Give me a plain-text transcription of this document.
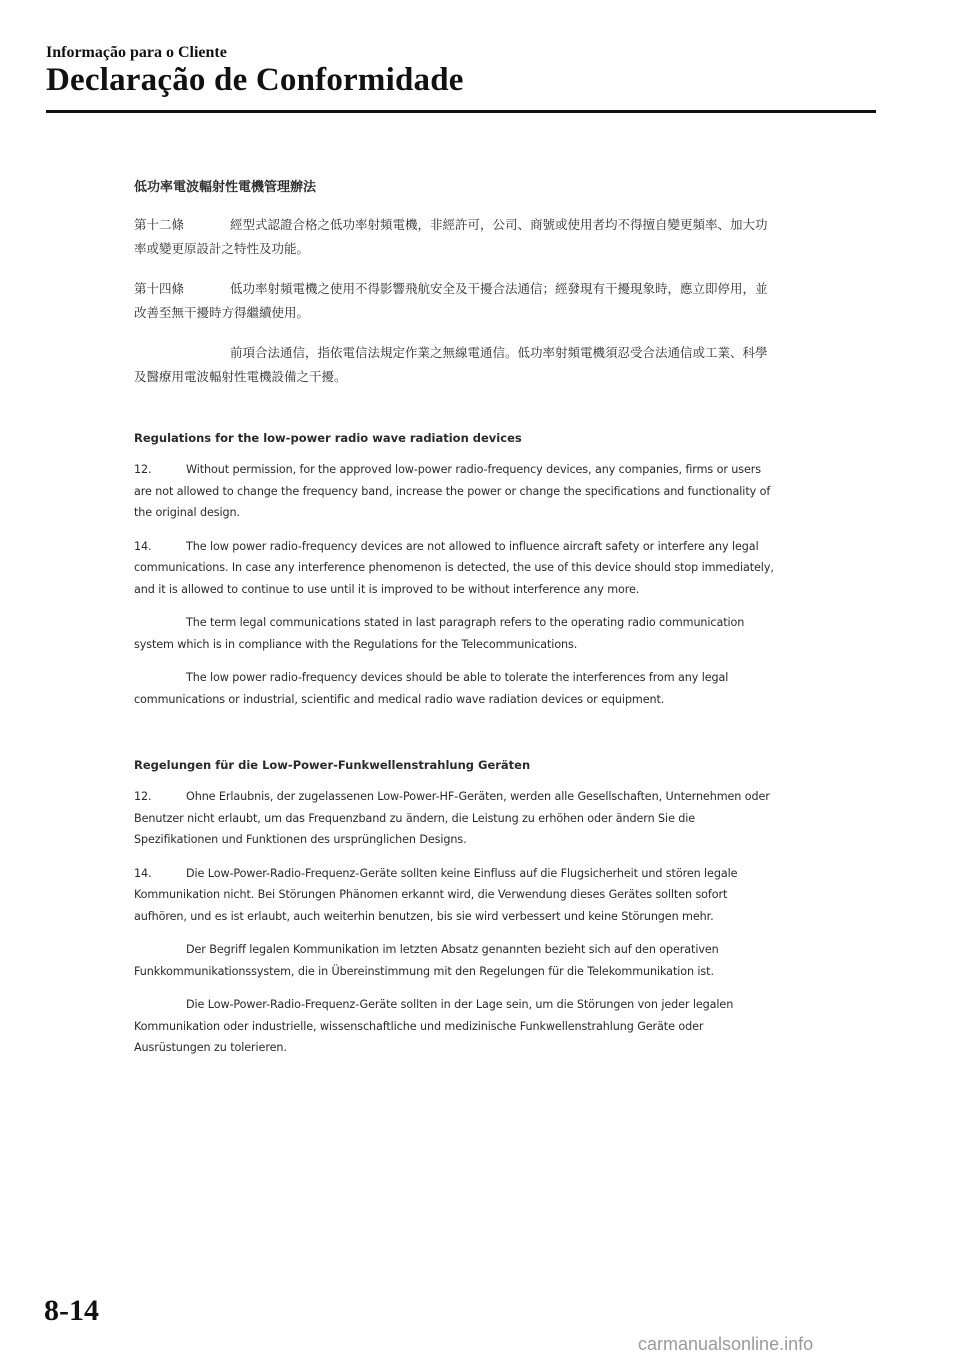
Informação para o Cliente
Declaração de Conformidade
低功率電波輻射性電機管理辦法
第十二條	經型式認證合格之低功率射頻電機，非經許可，公司、商號或使用者均不得擅自變更頻率、加大功率或變更原設計之特性及功能。
第十四條	低功率射頻電機之使用不得影響飛航安全及干擾合法通信；經發現有干擾現象時，應立即停用，並改善至無干擾時方得繼續使用。
前項合法通信，指依電信法規定作業之無線電通信。低功率射頻電機須忍受合法通信或工業、科學及醫療用電波輻射性電機設備之干擾。
Regulations for the low-power radio wave radiation devices
12.	Without permission, for the approved low-power radio-frequency devices, any companies, firms or users are not allowed to change the frequency band, increase the power or change the specifications and functionality of the original design.
14.	The low power radio-frequency devices are not allowed to influence aircraft safety or interfere any legal communications. In case any interference phenomenon is detected, the use of this device should stop immediately, and it is allowed to continue to use until it is improved to be without interference any more.
The term legal communications stated in last paragraph refers to the operating radio communication system which is in compliance with the Regulations for the Telecommunications.
The low power radio-frequency devices should be able to tolerate the interferences from any legal communications or industrial, scientific and medical radio wave radiation devices or equipment.
Regelungen für die Low-Power-Funkwellenstrahlung Geräten
12.	Ohne Erlaubnis, der zugelassenen Low-Power-HF-Geräten, werden alle Gesellschaften, Unternehmen oder Benutzer nicht erlaubt, um das Frequenzband zu ändern, die Leistung zu erhöhen oder ändern Sie die Spezifikationen und Funktionen des ursprünglichen Designs.
14.	Die Low-Power-Radio-Frequenz-Geräte sollten keine Einfluss auf die Flugsicherheit und stören legale Kommunikation nicht. Bei Störungen Phänomen erkannt wird, die Verwendung dieses Gerätes sollten sofort aufhören, und es ist erlaubt, auch weiterhin benutzen, bis sie wird verbessert und keine Störungen mehr.
Der Begriff legalen Kommunikation im letzten Absatz genannten bezieht sich auf den operativen Funkkommunikationssystem, die in Übereinstimmung mit den Regelungen für die Telekommunikation ist.
Die Low-Power-Radio-Frequenz-Geräte sollten in der Lage sein, um die Störungen von jeder legalen Kommunikation oder industrielle, wissenschaftliche und medizinische Funkwellenstrahlung Geräte oder Ausrüstungen zu tolerieren.
8-14
carmanualsonline.info
